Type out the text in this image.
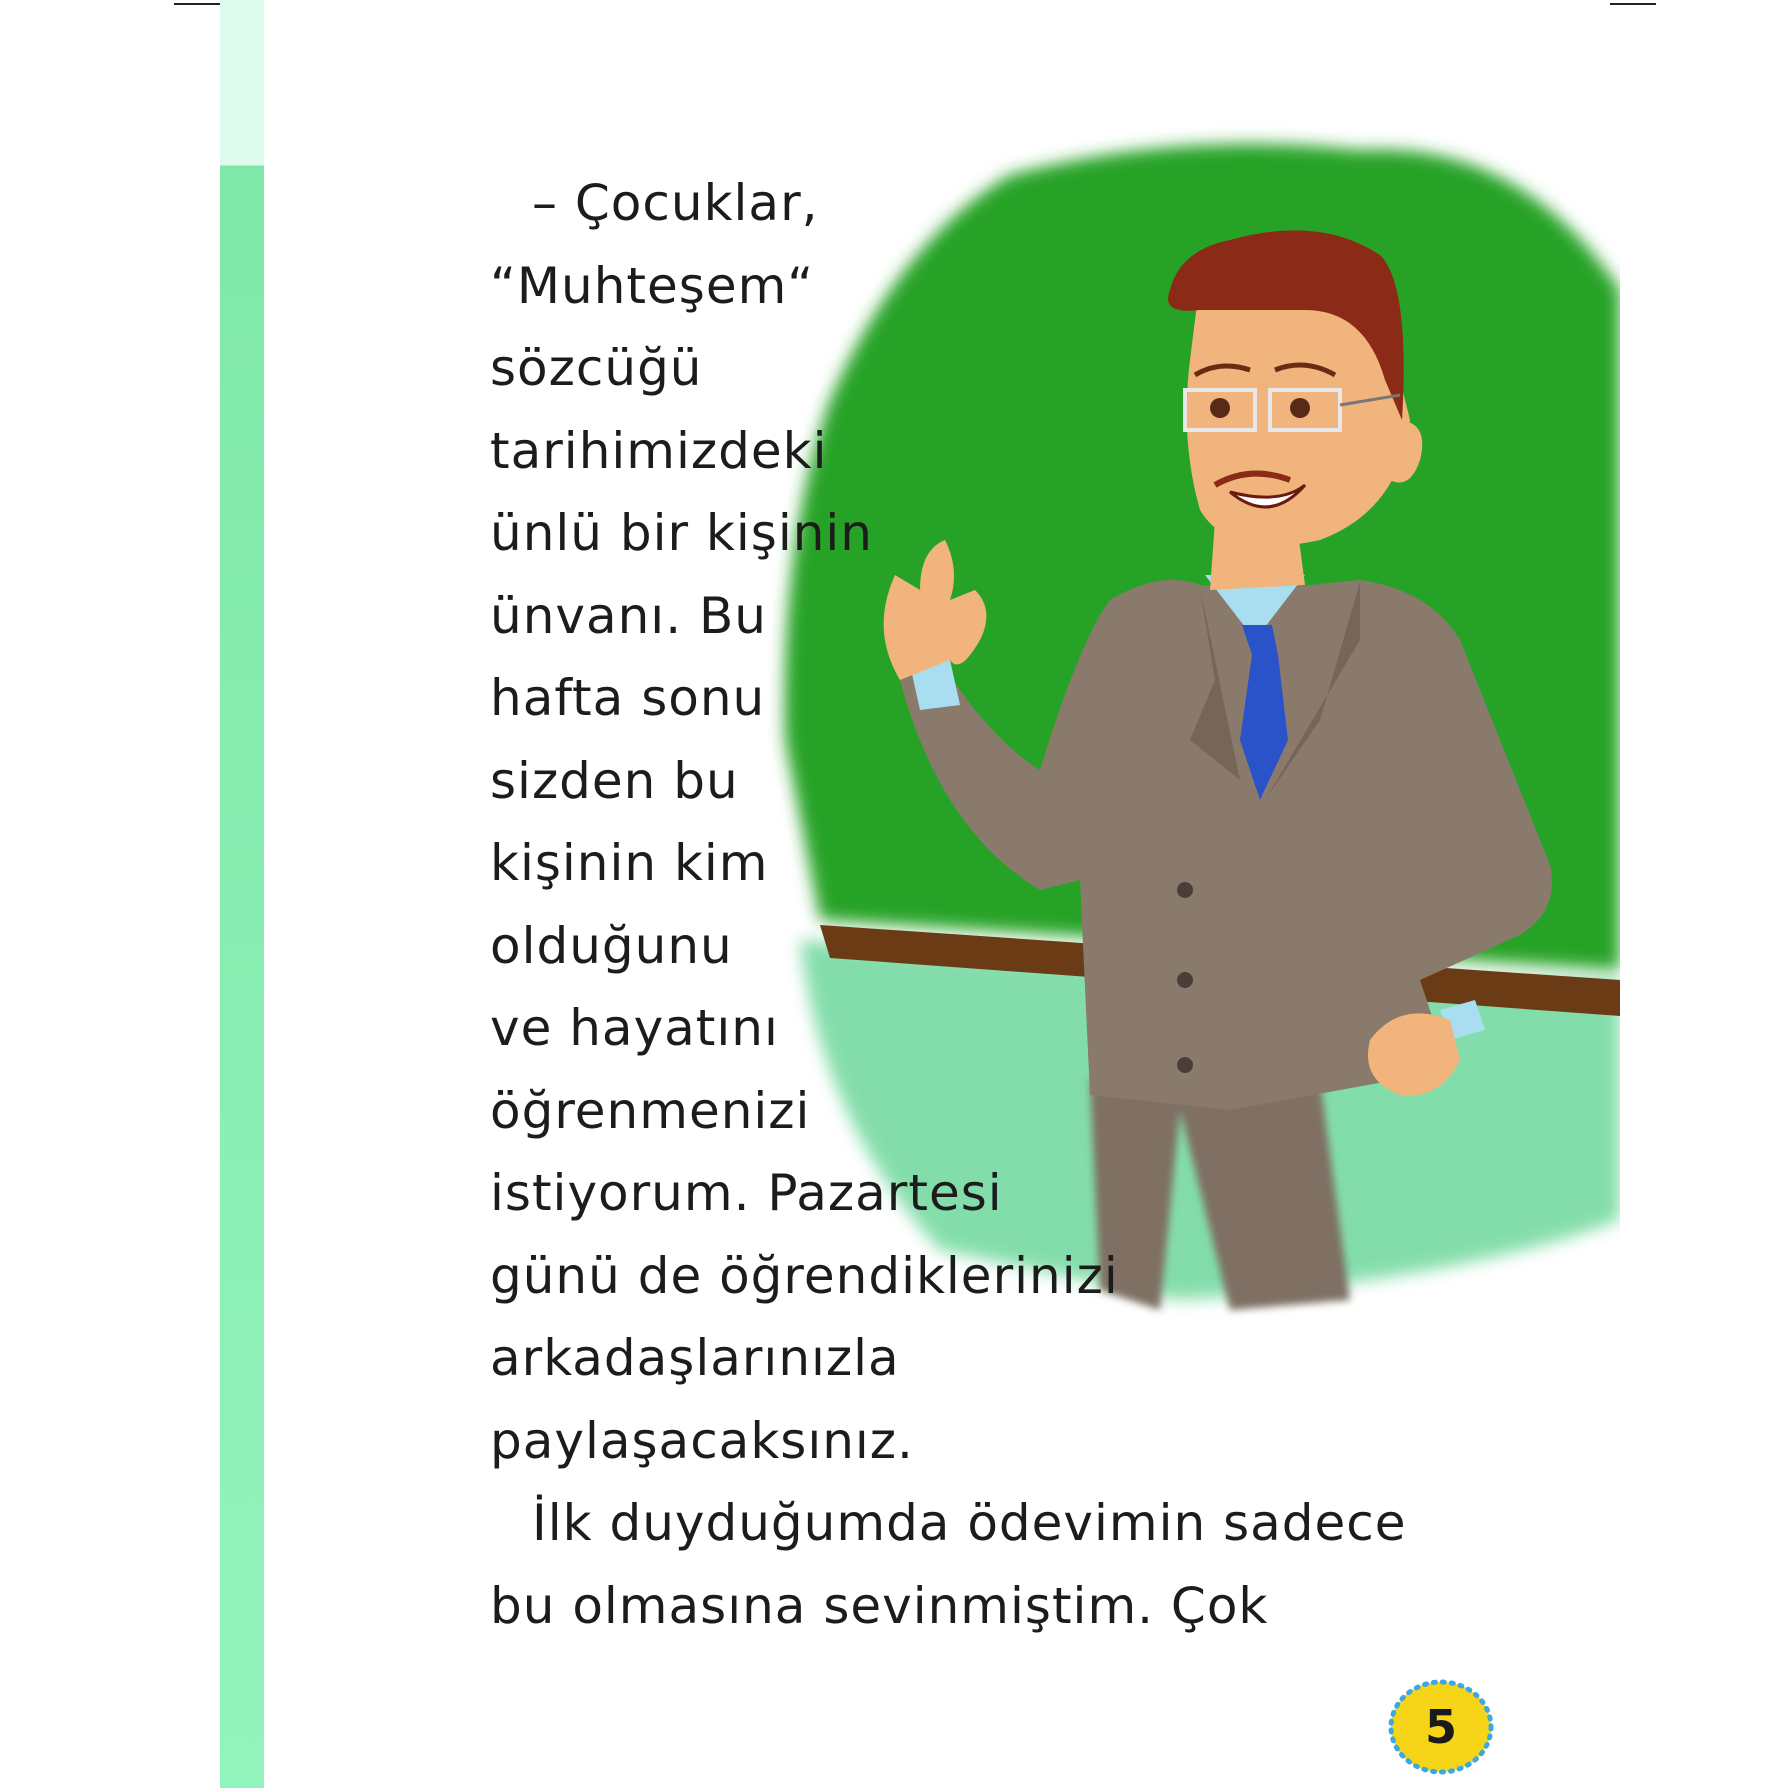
– Çocuklar,
“Muhteşem“
sözcüğü
tarihimizdeki
ünlü bir kişinin
ünvanı. Bu
hafta sonu
sizden bu
kişinin kim
olduğunu
ve hayatını
öğrenmenizi
istiyorum. Pazartesi
günü de öğrendiklerinizi
arkadaşlarınızla
paylaşacaksınız.
İlk duyduğumda ödevimin sadece
bu olmasına sevinmiştim. Çok
5
